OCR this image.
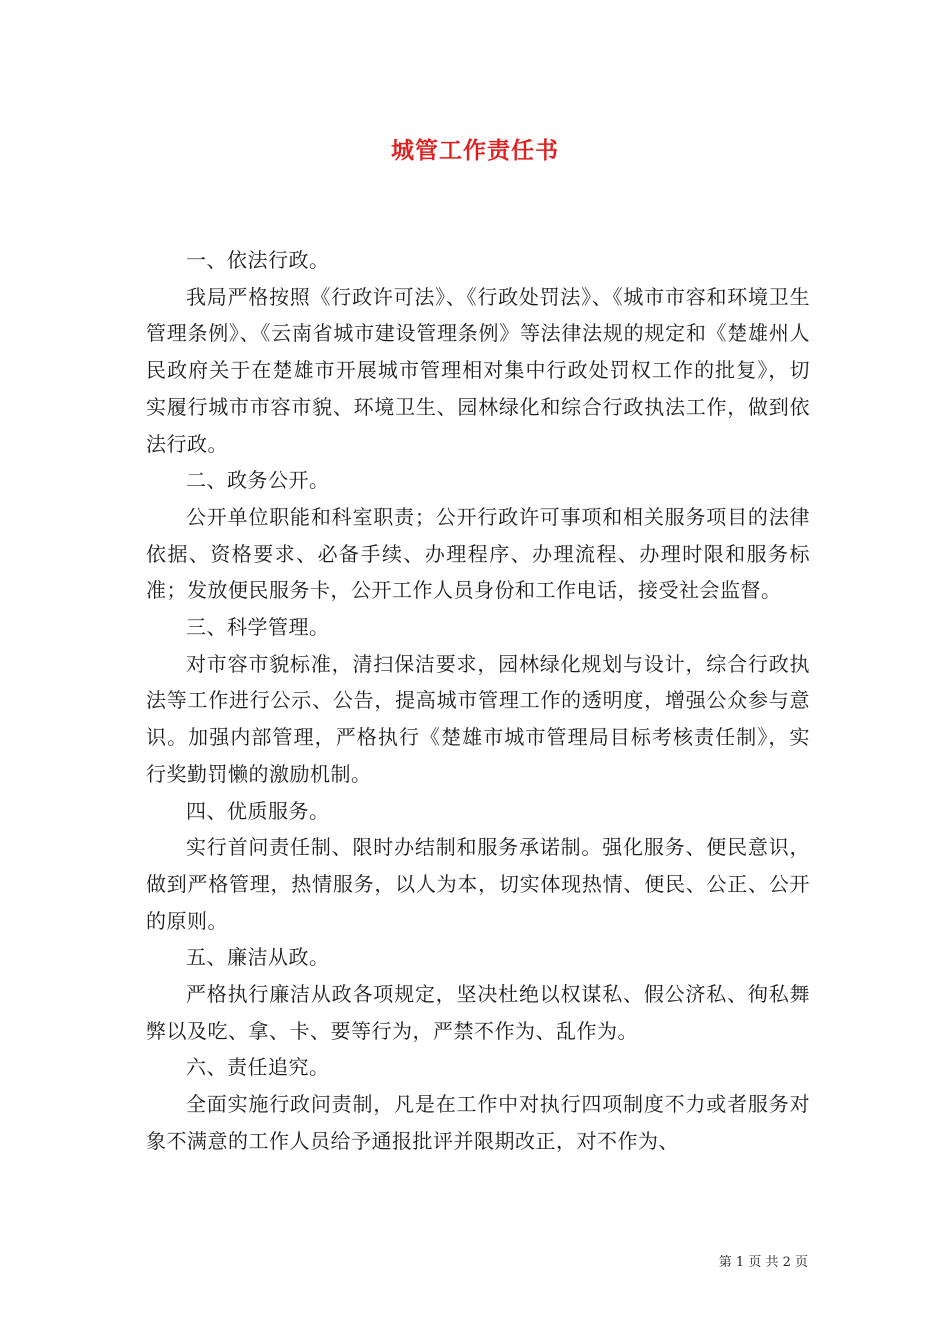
城管工作责任书

一、依法行政。

我局严格按照《行政许可法》、《行政处罚法》、《城市市容和环境卫生管理条例》、《云南省城市建设管理条例》等法律法规的规定和《楚雄州人民政府关于在楚雄市开展城市管理相对集中行政处罚权工作的批复》，切实履行城市市容市貌、环境卫生、园林绿化和综合行政执法工作，做到依法行政。

二、政务公开。

公开单位职能和科室职责；公开行政许可事项和相关服务项目的法律依据、资格要求、必备手续、办理程序、办理流程、办理时限和服务标准；发放便民服务卡，公开工作人员身份和工作电话，接受社会监督。

三、科学管理。

对市容市貌标准，清扫保洁要求，园林绿化规划与设计，综合行政执法等工作进行公示、公告，提高城市管理工作的透明度，增强公众参与意识。加强内部管理，严格执行《楚雄市城市管理局目标考核责任制》，实行奖勤罚懒的激励机制。

四、优质服务。

实行首问责任制、限时办结制和服务承诺制。强化服务、便民意识，做到严格管理，热情服务，以人为本，切实体现热情、便民、公正、公开的原则。

五、廉洁从政。

严格执行廉洁从政各项规定，坚决杜绝以权谋私、假公济私、徇私舞弊以及吃、拿、卡、要等行为，严禁不作为、乱作为。

六、责任追究。

全面实施行政问责制，凡是在工作中对执行四项制度不力或者服务对象不满意的工作人员给予通报批评并限期改正，对不作为、

第 1 页 共 2 页
